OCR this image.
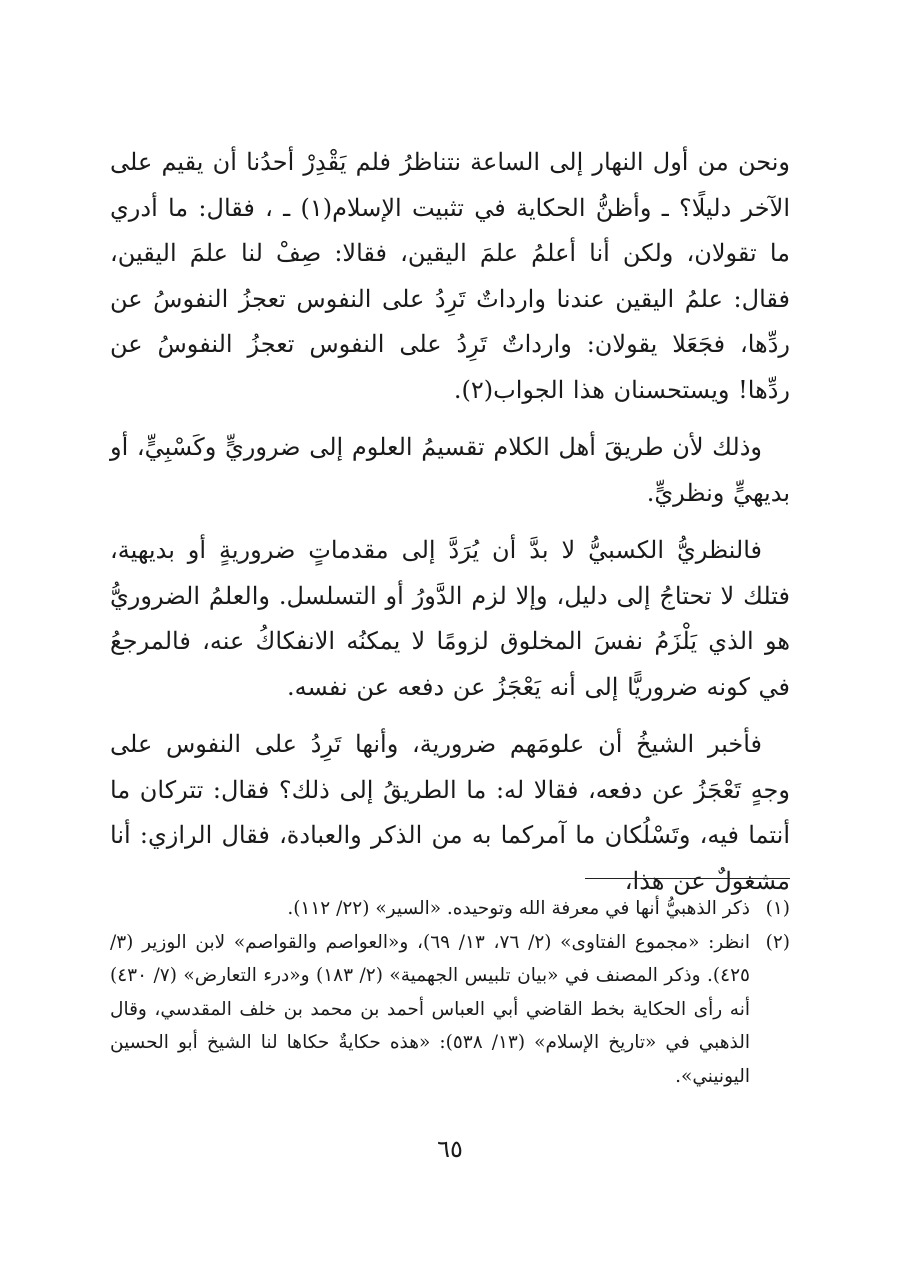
ونحن من أول النهار إلى الساعة نتناظرُ فلم يَقْدِرْ أحدُنا أن يقيم على الآخر دليلًا؟ ـ وأظنُّ الحكاية في تثبيت الإسلام(١) ـ ، فقال: ما أدري ما تقولان، ولكن أنا أعلمُ علمَ اليقين، فقالا: صِفْ لنا علمَ اليقين، فقال: علمُ اليقين عندنا وارداتٌ تَرِدُ على النفوس تعجزُ النفوسُ عن ردِّها، فجَعَلا يقولان: وارداتٌ تَرِدُ على النفوس تعجزُ النفوسُ عن ردِّها! ويستحسنان هذا الجواب(٢).

وذلك لأن طريقَ أهل الكلام تقسيمُ العلوم إلى ضروريٍّ وكَسْبِيٍّ، أو بديهيٍّ ونظريٍّ.

فالنظريُّ الكسبيُّ لا بدَّ أن يُرَدَّ إلى مقدماتٍ ضروريةٍ أو بديهية، فتلك لا تحتاجُ إلى دليل، وإلا لزم الدَّورُ أو التسلسل. والعلمُ الضروريُّ هو الذي يَلْزَمُ نفسَ المخلوق لزومًا لا يمكنُه الانفكاكُ عنه، فالمرجعُ في كونه ضروريًّا إلى أنه يَعْجَزُ عن دفعه عن نفسه.

فأخبر الشيخُ أن علومَهم ضرورية، وأنها تَرِدُ على النفوس على وجهٍ تَعْجَزُ عن دفعه، فقالا له: ما الطريقُ إلى ذلك؟ فقال: تتركان ما أنتما فيه، وتَسْلُكان ما آمركما به من الذكر والعبادة، فقال الرازي: أنا مشغولٌ عن هذا،

(١)
ذكر الذهبيُّ أنها في معرفة الله وتوحيده. «السير» (٢٢/ ١١٢).
(٢)
انظر: «مجموع الفتاوى» (٢/ ٧٦، ١٣/ ٦٩)، و«العواصم والقواصم» لابن الوزير (٣/ ٤٢٥). وذكر المصنف في «بيان تلبيس الجهمية» (٢/ ١٨٣) و«درء التعارض» (٧/ ٤٣٠) أنه رأى الحكاية بخط القاضي أبي العباس أحمد بن محمد بن خلف المقدسي، وقال الذهبي في «تاريخ الإسلام» (١٣/ ٥٣٨): «هذه حكايةٌ حكاها لنا الشيخ أبو الحسين اليونيني».
٦٥
